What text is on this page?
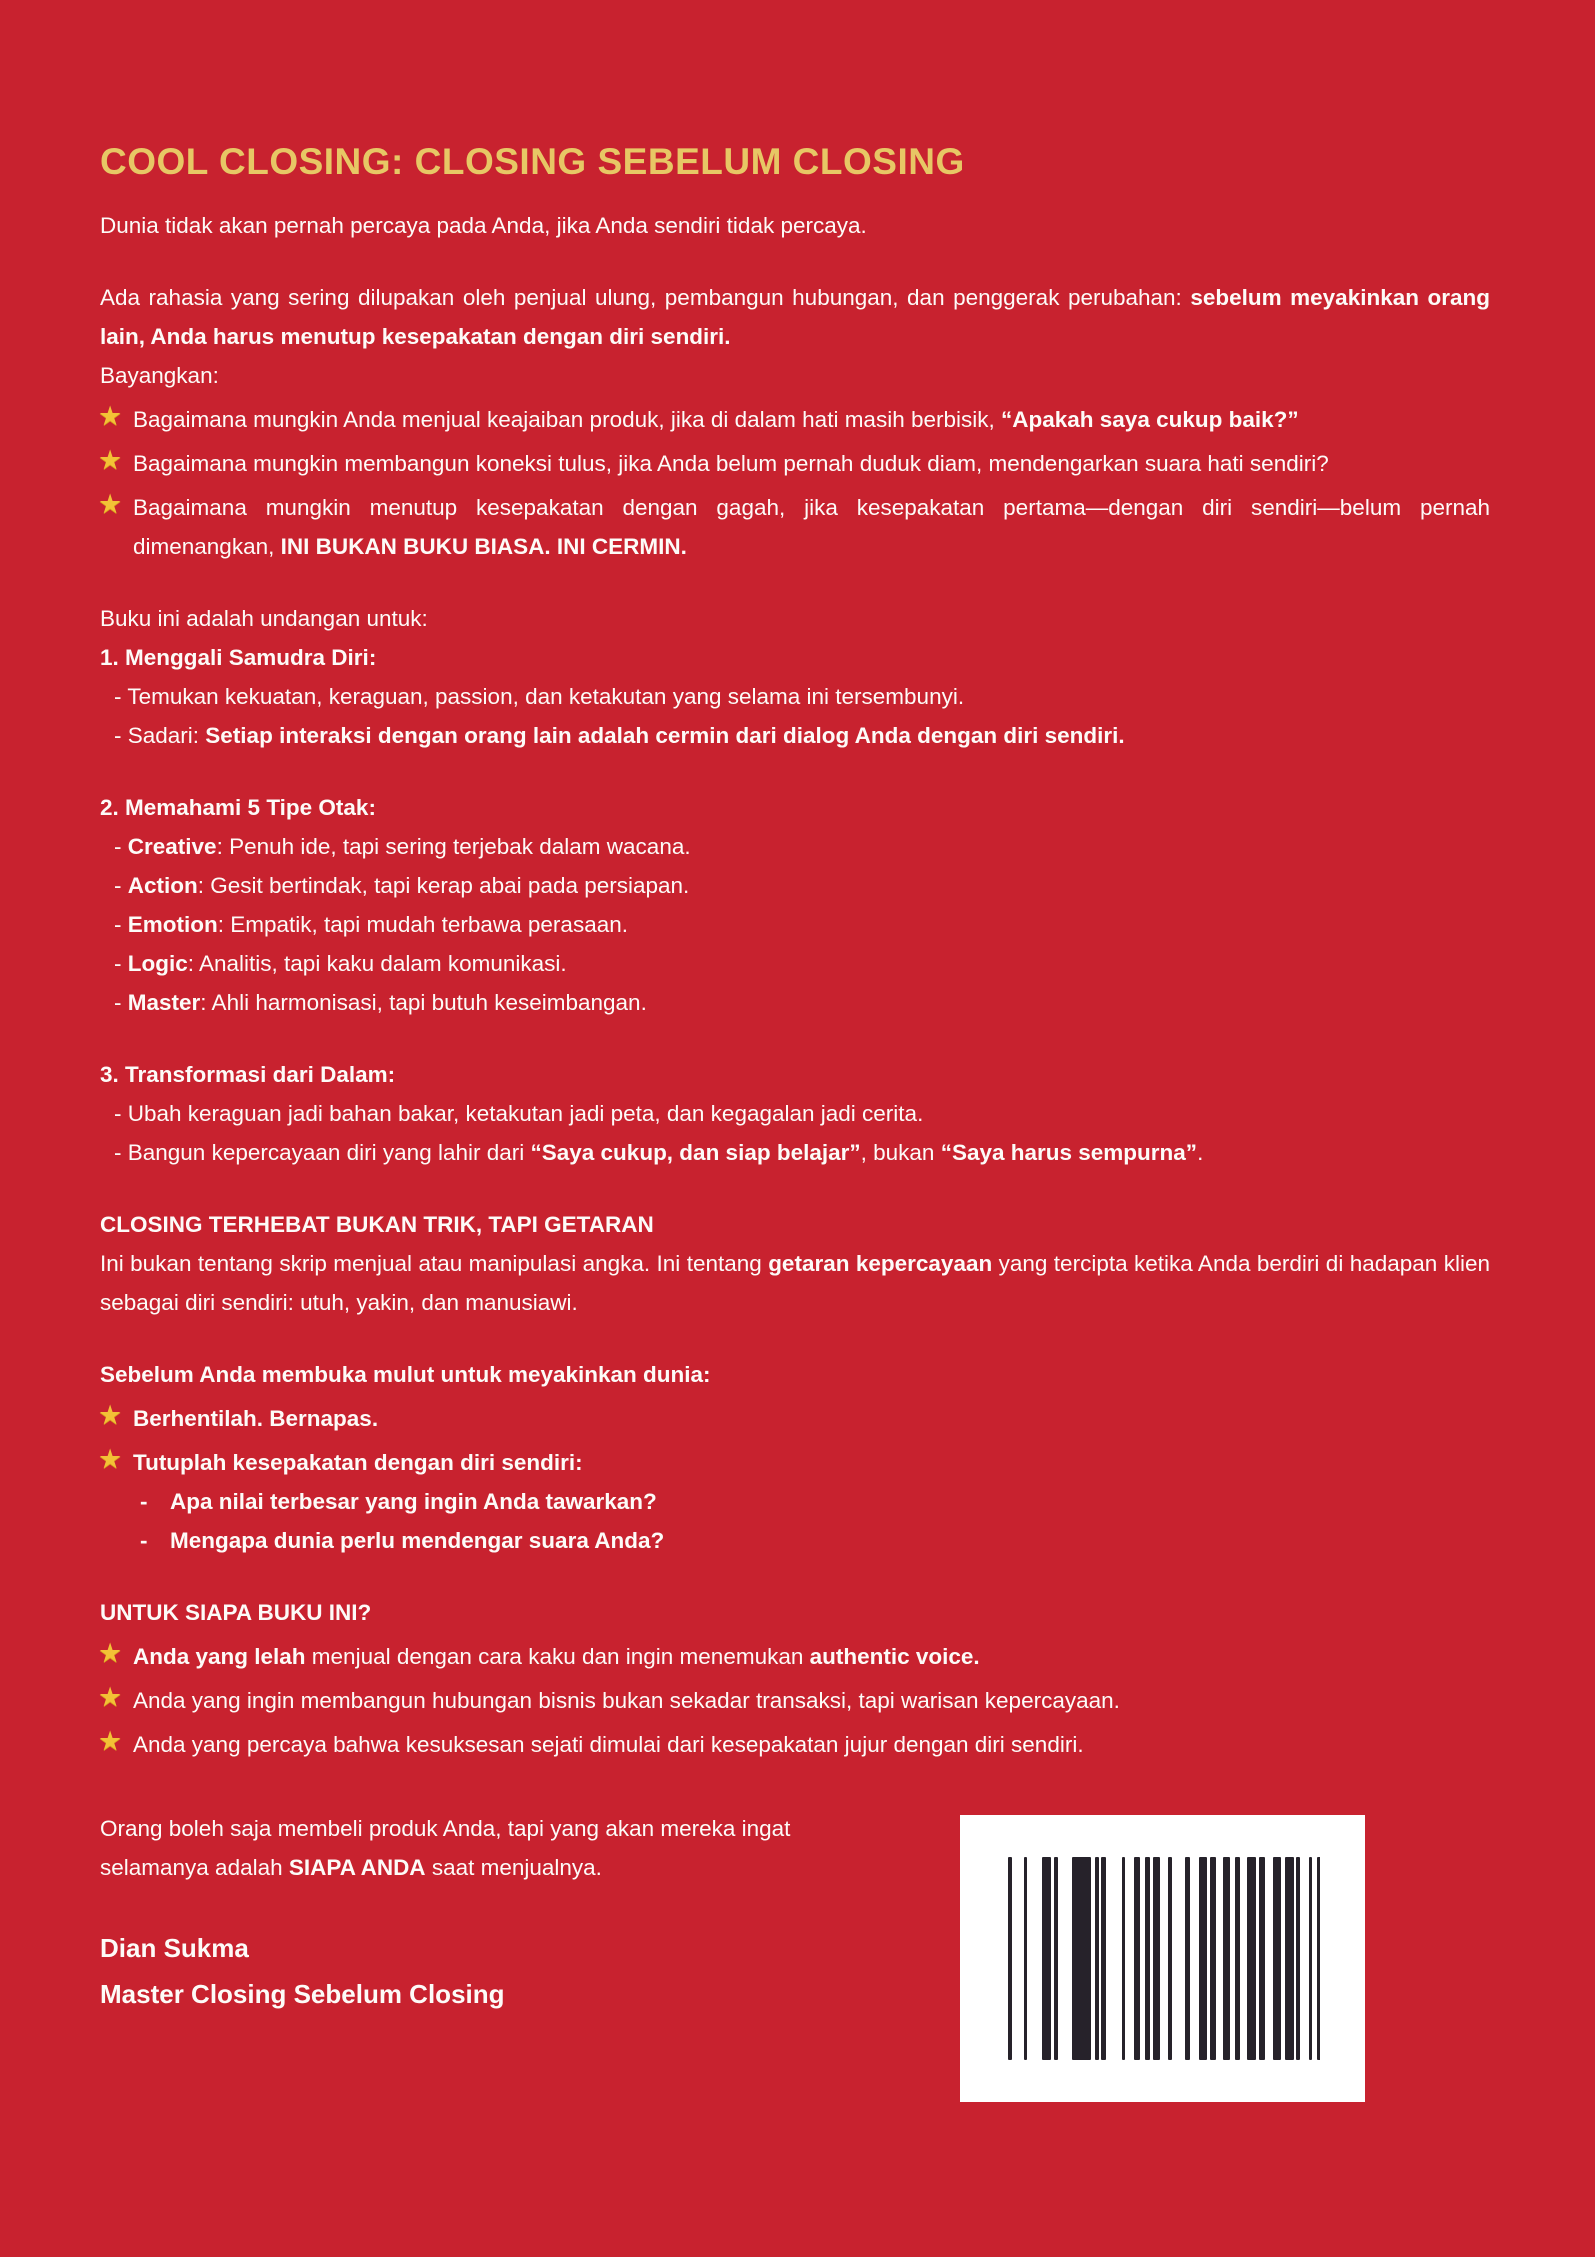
COOL CLOSING: CLOSING SEBELUM CLOSING

Dunia tidak akan pernah percaya pada Anda, jika Anda sendiri tidak percaya.

Ada rahasia yang sering dilupakan oleh penjual ulung, pembangun hubungan, dan penggerak perubahan: sebelum meyakinkan orang lain, Anda harus menutup kesepakatan dengan diri sendiri.

Bayangkan:

★ Bagaimana mungkin Anda menjual keajaiban produk, jika di dalam hati masih berbisik, “Apakah saya cukup baik?”

★ Bagaimana mungkin membangun koneksi tulus, jika Anda belum pernah duduk diam, mendengarkan suara hati sendiri?

★ Bagaimana mungkin menutup kesepakatan dengan gagah, jika kesepakatan pertama—dengan diri sendiri—belum pernah dimenangkan, INI BUKAN BUKU BIASA. INI CERMIN.

Buku ini adalah undangan untuk:

1. Menggali Samudra Diri:

- Temukan kekuatan, keraguan, passion, dan ketakutan yang selama ini tersembunyi.

- Sadari: Setiap interaksi dengan orang lain adalah cermin dari dialog Anda dengan diri sendiri.

2. Memahami 5 Tipe Otak:

- Creative: Penuh ide, tapi sering terjebak dalam wacana.

- Action: Gesit bertindak, tapi kerap abai pada persiapan.

- Emotion: Empatik, tapi mudah terbawa perasaan.

- Logic: Analitis, tapi kaku dalam komunikasi.

- Master: Ahli harmonisasi, tapi butuh keseimbangan.

3. Transformasi dari Dalam:

- Ubah keraguan jadi bahan bakar, ketakutan jadi peta, dan kegagalan jadi cerita.

- Bangun kepercayaan diri yang lahir dari “Saya cukup, dan siap belajar”, bukan “Saya harus sempurna”.

CLOSING TERHEBAT BUKAN TRIK, TAPI GETARAN

Ini bukan tentang skrip menjual atau manipulasi angka. Ini tentang getaran kepercayaan yang tercipta ketika Anda berdiri di hadapan klien sebagai diri sendiri: utuh, yakin, dan manusiawi.

Sebelum Anda membuka mulut untuk meyakinkan dunia:

★ Berhentilah. Bernapas.

★ Tutuplah kesepakatan dengan diri sendiri:

-  Apa nilai terbesar yang ingin Anda tawarkan?

-  Mengapa dunia perlu mendengar suara Anda?

UNTUK SIAPA BUKU INI?
★ Anda yang lelah menjual dengan cara kaku dan ingin menemukan authentic voice.

★ Anda yang ingin membangun hubungan bisnis bukan sekadar transaksi, tapi warisan kepercayaan.

★ Anda yang percaya bahwa kesuksesan sejati dimulai dari kesepakatan jujur dengan diri sendiri.

Orang boleh saja membeli produk Anda, tapi yang akan mereka ingat selamanya adalah SIAPA ANDA saat menjualnya.

Dian Sukma

Master Closing Sebelum Closing
